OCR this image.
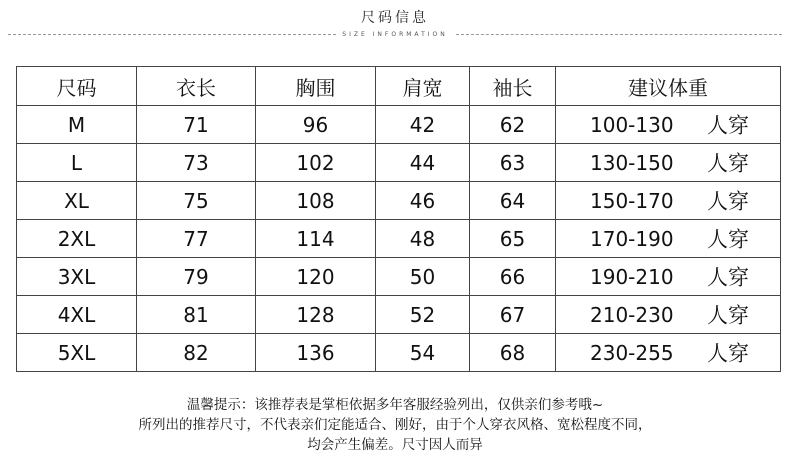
尺码信息
SIZE INFORMATION
尺码	衣长	胸围	肩宽	袖长	建议体重
M	71	96	42	62	100-130 人穿

L	73	102	44	63	130-150 人穿

XL	75	108	46	64	150-170 人穿

2XL	77	114	48	65	170-190 人穿

3XL	79	120	50	66	190-210 人穿

4XL	81	128	52	67	210-230 人穿

5XL	82	136	54	68	230-255 人穿
温馨提示：该推荐表是掌柜依据多年客服经验列出，仅供亲们参考哦~
所列出的推荐尺寸，不代表亲们定能适合、刚好，由于个人穿衣风格、宽松程度不同，
均会产生偏差。尺寸因人而异
